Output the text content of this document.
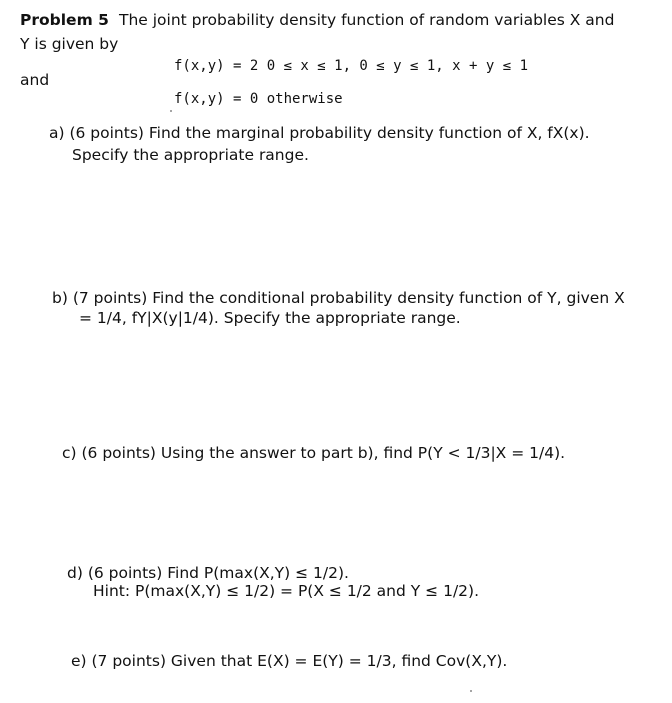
Problem 5 The joint probability density function of random variables X and
Y is given by
f(x,y) = 2 0 ≤ x ≤ 1, 0 ≤ y ≤ 1, x + y ≤ 1
and
f(x,y) = 0 otherwise
a) (6 points) Find the marginal probability density function of X, fX(x).
Specify the appropriate range.
b) (7 points) Find the conditional probability density function of Y, given X
= 1/4, fY|X(y|1/4). Specify the appropriate range.
c) (6 points) Using the answer to part b), find P(Y < 1/3|X = 1/4).
d) (6 points) Find P(max(X,Y) ≤ 1/2).
Hint: P(max(X,Y) ≤ 1/2) = P(X ≤ 1/2 and Y ≤ 1/2).
e) (7 points) Given that E(X) = E(Y) = 1/3, find Cov(X,Y).
